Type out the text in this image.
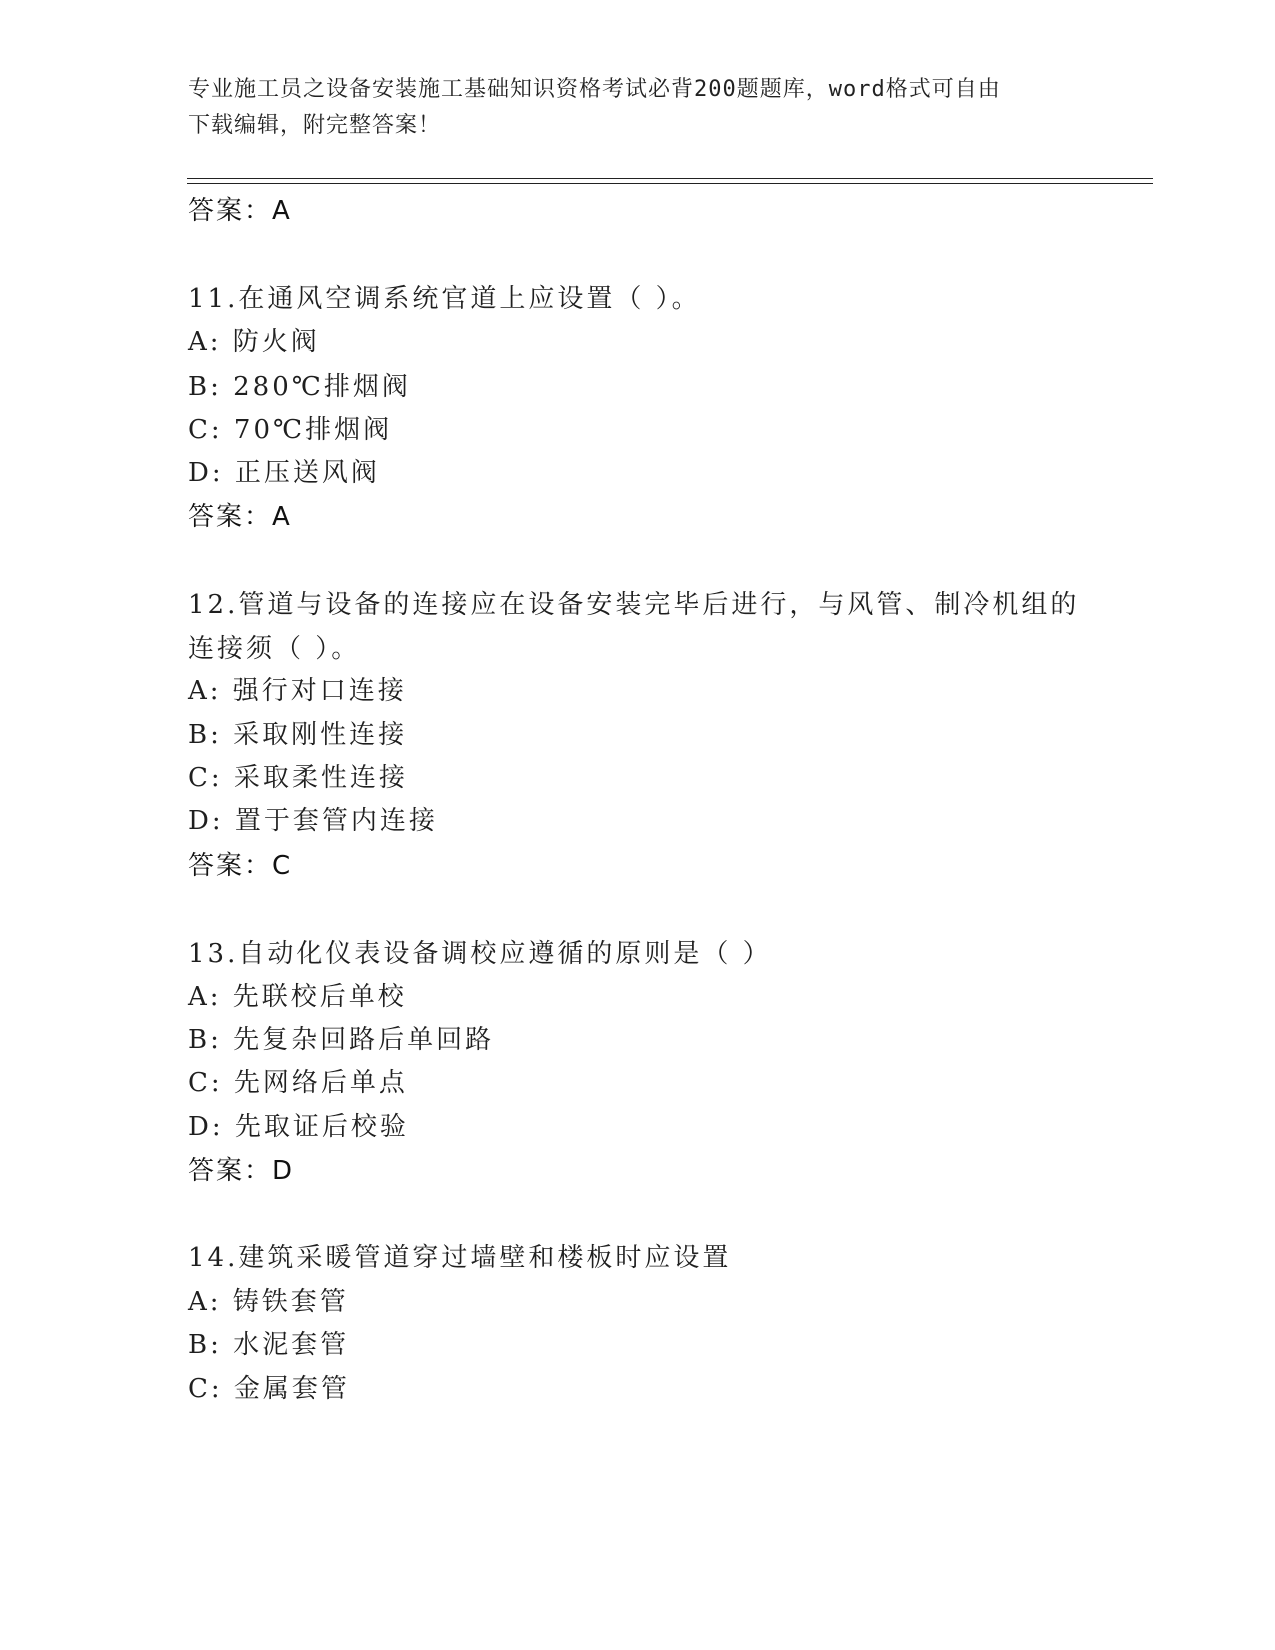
专业施工员之设备安装施工基础知识资格考试必背200题题库，word格式可自由
下载编辑，附完整答案！
答案：A
11.在通风空调系统官道上应设置（ ）。
A: 防火阀
B: 280℃排烟阀
C: 70℃排烟阀
D: 正压送风阀
答案：A
12.管道与设备的连接应在设备安装完毕后进行，与风管、制冷机组的
连接须（ ）。
A: 强行对口连接
B: 采取刚性连接
C: 采取柔性连接
D: 置于套管内连接
答案：C
13.自动化仪表设备调校应遵循的原则是（ ）
A: 先联校后单校
B: 先复杂回路后单回路
C: 先网络后单点
D: 先取证后校验
答案：D
14.建筑采暖管道穿过墙壁和楼板时应设置
A: 铸铁套管
B: 水泥套管
C: 金属套管
